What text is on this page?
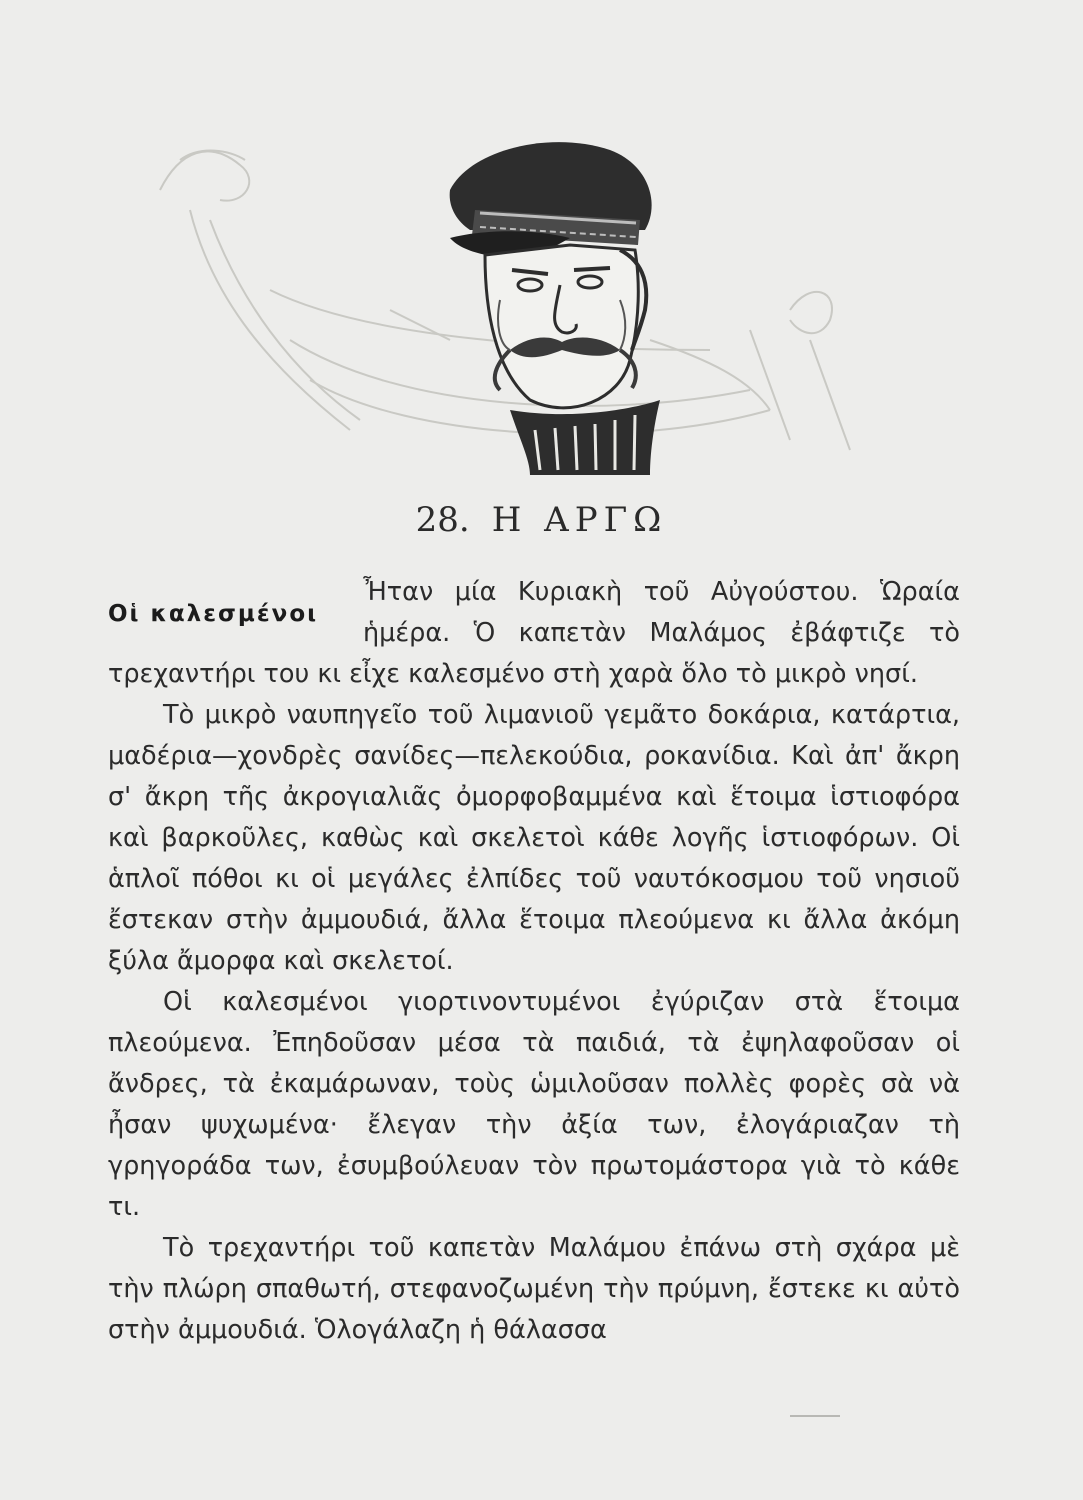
28. Η ΑΡΓΩ
Οἱ καλεσμένοι

Ἦταν μία Κυριακὴ τοῦ Αὐγούστου. Ὡραία ἡμέρα. Ὁ καπετὰν Μαλάμος ἐβάφτιζε τὸ τρεχαντήρι του κι εἶχε καλεσμένο στὴ χαρὰ ὅλο τὸ μικρὸ νησί.

Τὸ μικρὸ ναυπηγεῖο τοῦ λιμανιοῦ γεμᾶτο δοκάρια, κατάρτια, μαδέρια—χονδρὲς σανίδες—πελεκούδια, ροκανίδια. Καὶ ἀπ' ἄκρη σ' ἄκρη τῆς ἀκρογιαλιᾶς ὀμορφοβαμμένα καὶ ἕτοιμα ἱστιοφόρα καὶ βαρκοῦλες, καθὼς καὶ σκελετοὶ κάθε λογῆς ἱστιοφόρων. Οἱ ἁπλοῖ πόθοι κι οἱ μεγάλες ἐλπίδες τοῦ ναυτόκοσμου τοῦ νησιοῦ ἔστεκαν στὴν ἀμμουδιά, ἄλλα ἕτοιμα πλεούμενα κι ἄλλα ἀκόμη ξύλα ἄμορφα καὶ σκελετοί.

Οἱ καλεσμένοι γιορτινοντυμένοι ἐγύριζαν στὰ ἕτοιμα πλεούμενα. Ἐπηδοῦσαν μέσα τὰ παιδιά, τὰ ἐψηλαφοῦσαν οἱ ἄνδρες, τὰ ἐκαμάρωναν, τοὺς ὡμιλοῦσαν πολλὲς φορὲς σὰ νὰ ἦσαν ψυχωμένα· ἔλεγαν τὴν ἀξία των, ἐλογάριαζαν τὴ γρηγοράδα των, ἐσυμβούλευαν τὸν πρωτομάστορα γιὰ τὸ κάθε τι.

Τὸ τρεχαντήρι τοῦ καπετὰν Μαλάμου ἐπάνω στὴ σχάρα μὲ τὴν πλώρη σπαθωτή, στεφανοζωμένη τὴν πρύμνη, ἔστεκε κι αὐτὸ στὴν ἀμμουδιά. Ὁλογάλαζη ἡ θάλασσα
